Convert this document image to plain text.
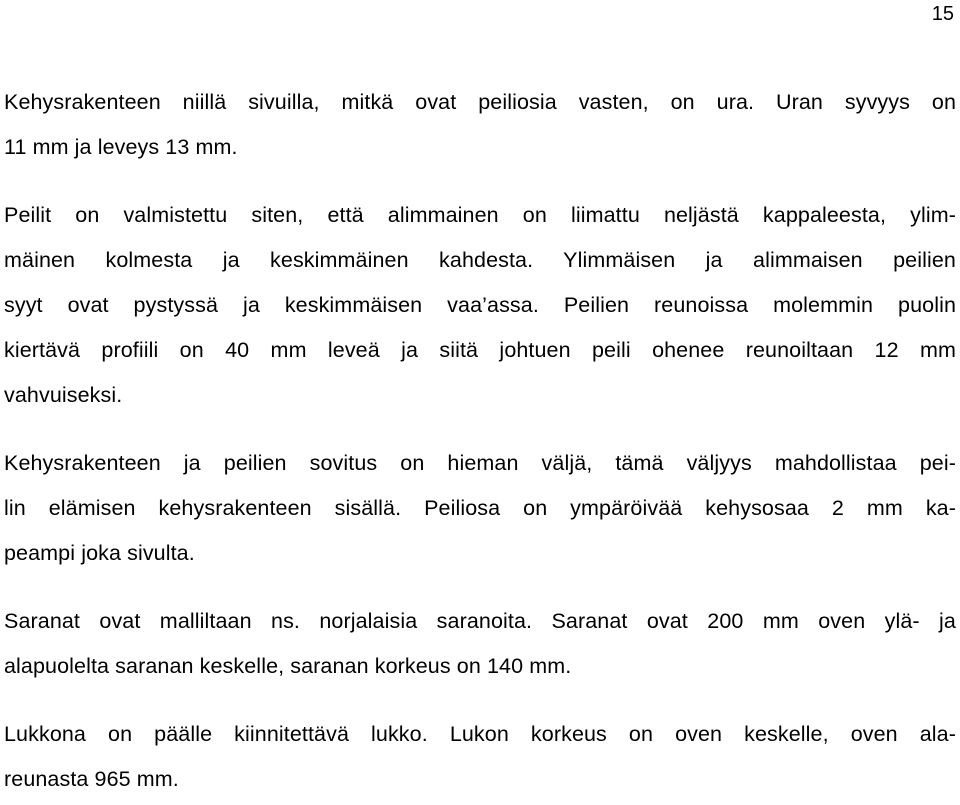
15

Kehysrakenteen niillä sivuilla, mitkä ovat peiliosia vasten, on ura. Uran syvyys on
11 mm ja leveys 13 mm.

Peilit on valmistettu siten, että alimmainen on liimattu neljästä kappaleesta, ylim-
mäinen kolmesta ja keskimmäinen kahdesta. Ylimmäisen ja alimmaisen peilien
syyt ovat pystyssä ja keskimmäisen vaa’assa. Peilien reunoissa molemmin puolin
kiertävä profiili on 40 mm leveä ja siitä johtuen peili ohenee reunoiltaan 12 mm
vahvuiseksi.

Kehysrakenteen ja peilien sovitus on hieman väljä, tämä väljyys mahdollistaa pei-
lin elämisen kehysrakenteen sisällä. Peiliosa on ympäröivää kehysosaa 2 mm ka-
peampi joka sivulta.

Saranat ovat malliltaan ns. norjalaisia saranoita. Saranat ovat 200 mm oven ylä- ja
alapuolelta saranan keskelle, saranan korkeus on 140 mm.

Lukkona on päälle kiinnitettävä lukko. Lukon korkeus on oven keskelle, oven ala-
reunasta 965 mm.
